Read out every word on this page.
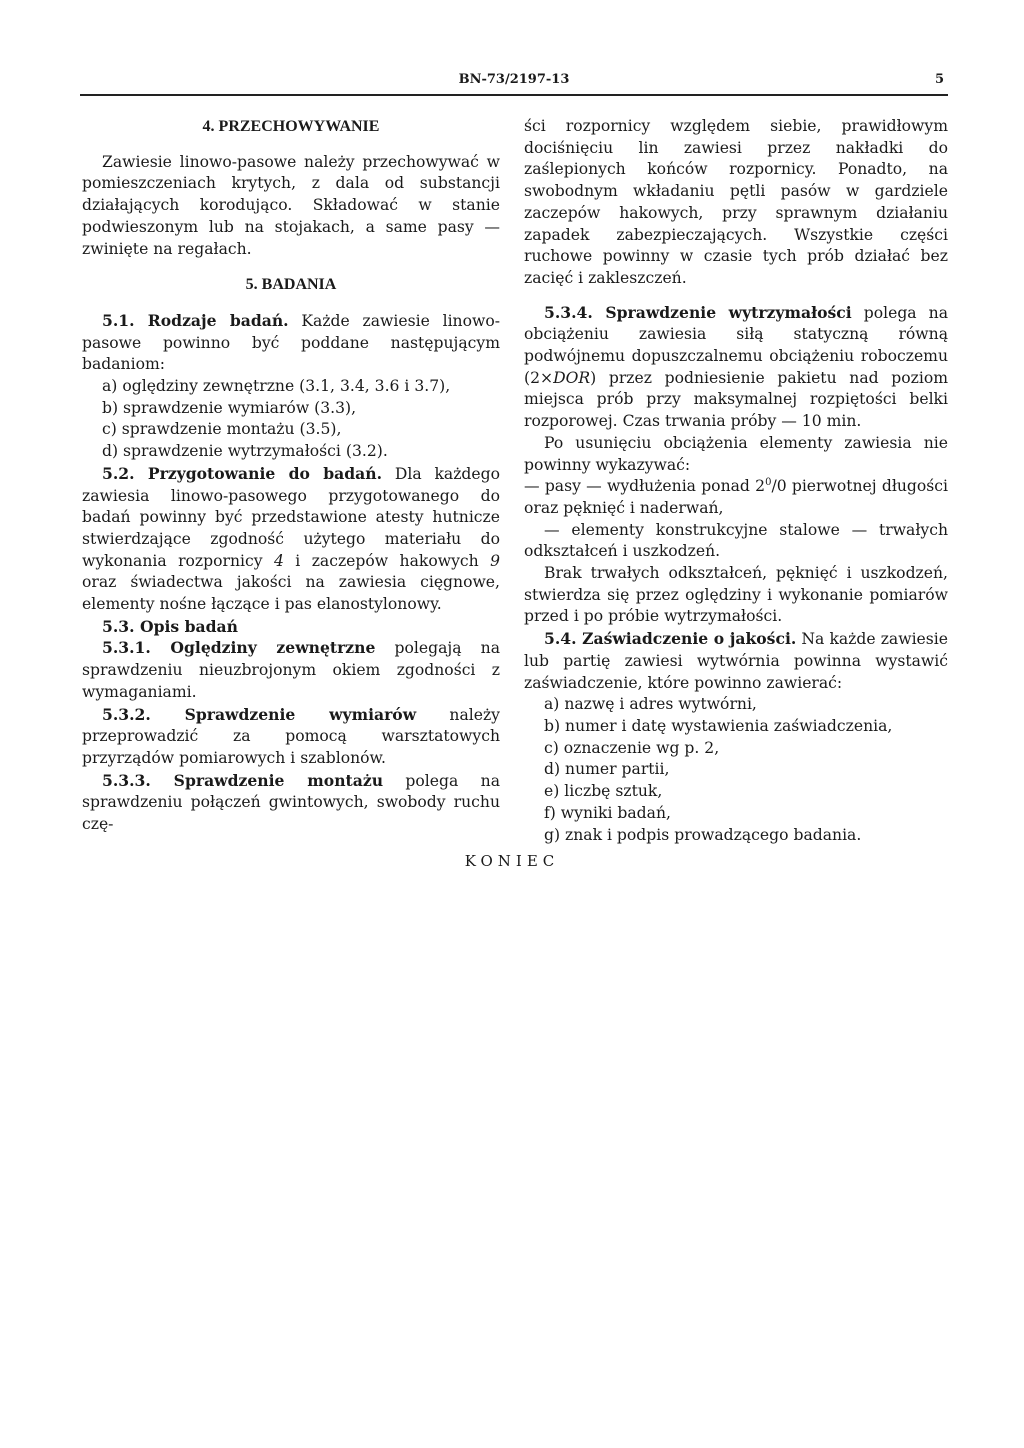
BN-73/2197-13	5

4. PRZECHOWYWANIE

Zawiesie linowo-pasowe należy przechowywać w pomieszczeniach krytych, z dala od substancji działających korodująco. Składować w stanie podwieszonym lub na stojakach, a same pasy — zwinięte na regałach.

5. BADANIA

5.1. Rodzaje badań. Każde zawiesie linowo-pasowe powinno być poddane następującym badaniom:

a) oględziny zewnętrzne (3.1, 3.4, 3.6 i 3.7),

b) sprawdzenie wymiarów (3.3),

c) sprawdzenie montażu (3.5),

d) sprawdzenie wytrzymałości (3.2).

5.2. Przygotowanie do badań. Dla każdego zawiesia linowo-pasowego przygotowanego do badań powinny być przedstawione atesty hutnicze stwierdzające zgodność użytego materiału do wykonania rozpornicy 4 i zaczepów hakowych 9 oraz świadectwa jakości na zawiesia cięgnowe, elementy nośne łączące i pas elanostylonowy.

5.3. Opis badań

5.3.1. Oględziny zewnętrzne polegają na sprawdzeniu nieuzbrojonym okiem zgodności z wymaganiami.

5.3.2. Sprawdzenie wymiarów należy przeprowadzić za pomocą warsztatowych przyrządów pomiarowych i szablonów.

5.3.3. Sprawdzenie montażu polega na sprawdzeniu połączeń gwintowych, swobody ruchu czę-

ści rozpornicy względem siebie, prawidłowym dociśnięciu lin zawiesi przez nakładki do zaślepionych końców rozpornicy. Ponadto, na swobodnym wkładaniu pętli pasów w gardziele zaczepów hakowych, przy sprawnym działaniu zapadek zabezpieczających. Wszystkie części ruchowe powinny w czasie tych prób działać bez zacięć i zakleszczeń.

5.3.4. Sprawdzenie wytrzymałości polega na obciążeniu zawiesia siłą statyczną równą podwójnemu dopuszczalnemu obciążeniu roboczemu (2×DOR) przez podniesienie pakietu nad poziom miejsca prób przy maksymalnej rozpiętości belki rozporowej. Czas trwania próby — 10 min.

Po usunięciu obciążenia elementy zawiesia nie powinny wykazywać:

— pasy — wydłużenia ponad $2^0/0$ pierwotnej długości oraz pęknięć i naderwań,

— elementy konstrukcyjne stalowe — trwałych odkształceń i uszkodzeń.

Brak trwałych odkształceń, pęknięć i uszkodzeń, stwierdza się przez oględziny i wykonanie pomiarów przed i po próbie wytrzymałości.

5.4. Zaświadczenie o jakości. Na każde zawiesie lub partię zawiesi wytwórnia powinna wystawić zaświadczenie, które powinno zawierać:

a) nazwę i adres wytwórni,

b) numer i datę wystawienia zaświadczenia,

c) oznaczenie wg p. 2,

d) numer partii,

e) liczbę sztuk,

f) wyniki badań,

g) znak i podpis prowadzącego badania.

KONIEC
